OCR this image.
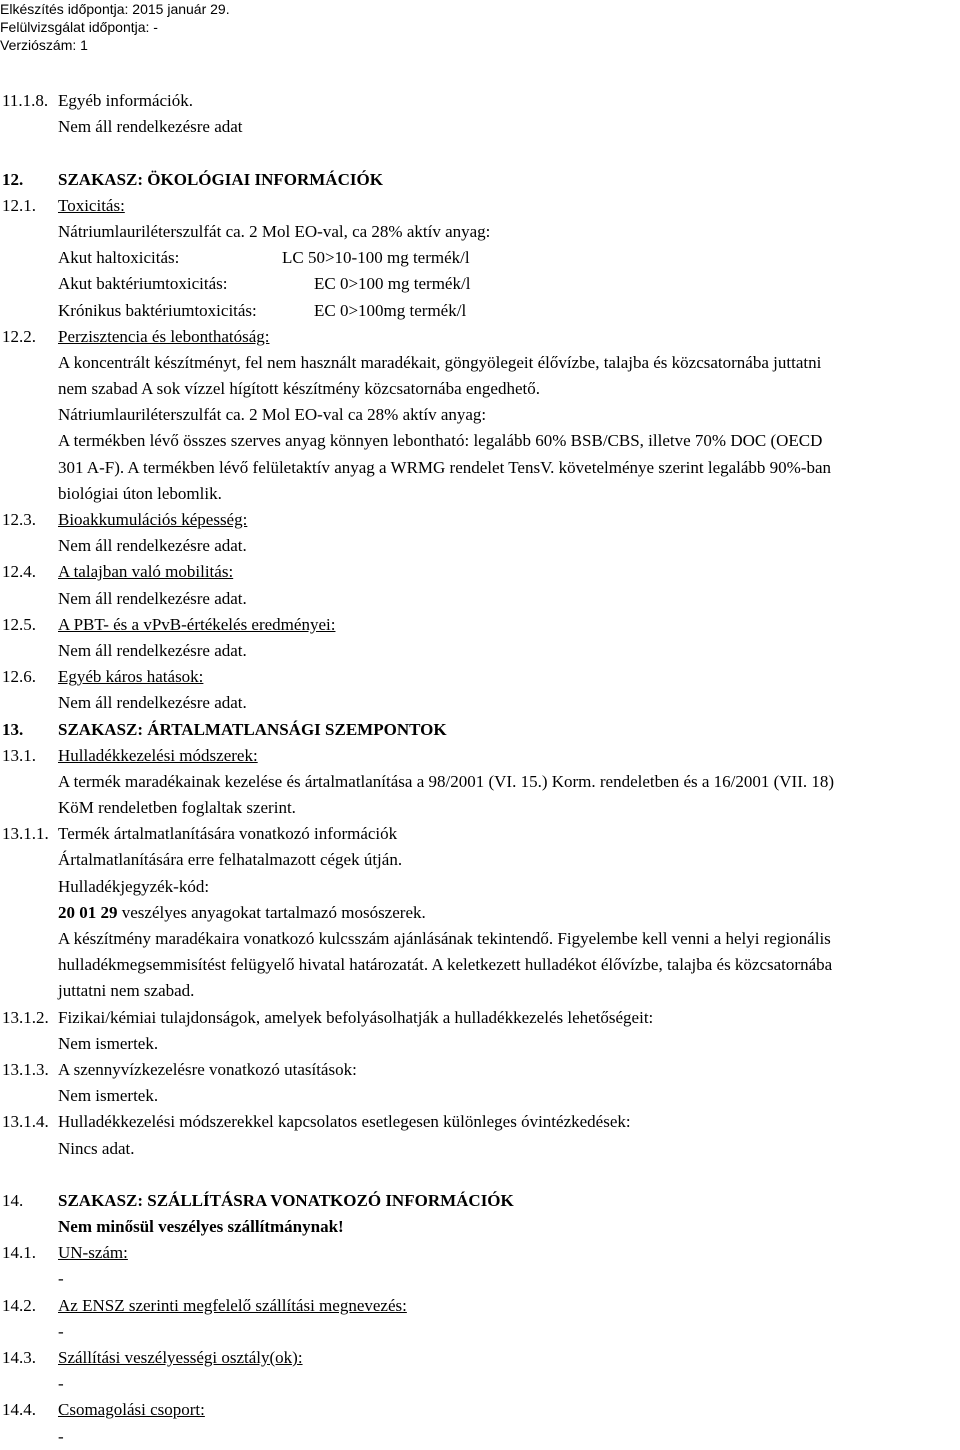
Elkészítés időpontja: 2015 január 29.
Felülvizsgálat időpontja: -
Verziószám: 1
11.1.8. Egyéb információk.
Nem áll rendelkezésre adat
12. SZAKASZ: ÖKOLÓGIAI INFORMÁCIÓK
12.1. Toxicitás:
Nátriumlauriléterszulfát ca. 2 Mol EO-val, ca 28% aktív anyag:
Akut haltoxicitás:	LC 50>10-100 mg termék/l
Akut baktériumtoxicitás:	EC 0>100 mg termék/l
Krónikus baktériumtoxicitás:	EC 0>100mg termék/l
12.2. Perzisztencia és lebonthatóság:
A koncentrált készítményt, fel nem használt maradékait, göngyölegeit élővízbe, talajba és közcsatornába juttatni
nem szabad A sok vízzel hígított készítmény közcsatornába engedhető.
Nátriumlauriléterszulfát ca. 2 Mol EO-val ca 28% aktív anyag:
A termékben lévő összes szerves anyag könnyen lebontható: legalább 60% BSB/CBS, illetve 70% DOC (OECD
301 A-F). A termékben lévő felületaktív anyag a WRMG rendelet TensV. követelménye szerint legalább 90%-ban
biológiai úton lebomlik.
12.3. Bioakkumulációs képesség:
Nem áll rendelkezésre adat.
12.4. A talajban való mobilitás:
Nem áll rendelkezésre adat.
12.5. A PBT- és a vPvB-értékelés eredményei:
Nem áll rendelkezésre adat.
12.6. Egyéb káros hatások:
Nem áll rendelkezésre adat.
13. SZAKASZ: ÁRTALMATLANSÁGI SZEMPONTOK
13.1. Hulladékkezelési módszerek:
A termék maradékainak kezelése és ártalmatlanítása a 98/2001 (VI. 15.) Korm. rendeletben és a 16/2001 (VII. 18)
KöM rendeletben foglaltak szerint.
13.1.1. Termék ártalmatlanítására vonatkozó információk
Ártalmatlanítására erre felhatalmazott cégek útján.
Hulladékjegyzék-kód:
20 01 29 veszélyes anyagokat tartalmazó mosószerek.
A készítmény maradékaira vonatkozó kulcsszám ajánlásának tekintendő. Figyelembe kell venni a helyi regionális
hulladékmegsemmisítést felügyelő hivatal határozatát. A keletkezett hulladékot élővízbe, talajba és közcsatornába
juttatni nem szabad.
13.1.2. Fizikai/kémiai tulajdonságok, amelyek befolyásolhatják a hulladékkezelés lehetőségeit:
Nem ismertek.
13.1.3. A szennyvízkezelésre vonatkozó utasítások:
Nem ismertek.
13.1.4. Hulladékkezelési módszerekkel kapcsolatos esetlegesen különleges óvintézkedések:
Nincs adat.
14. SZAKASZ: SZÁLLÍTÁSRA VONATKOZÓ INFORMÁCIÓK
Nem minősül veszélyes szállítmánynak!
14.1. UN-szám:
-
14.2. Az ENSZ szerinti megfelelő szállítási megnevezés:
-
14.3. Szállítási veszélyességi osztály(ok):
-
14.4. Csomagolási csoport:
-
